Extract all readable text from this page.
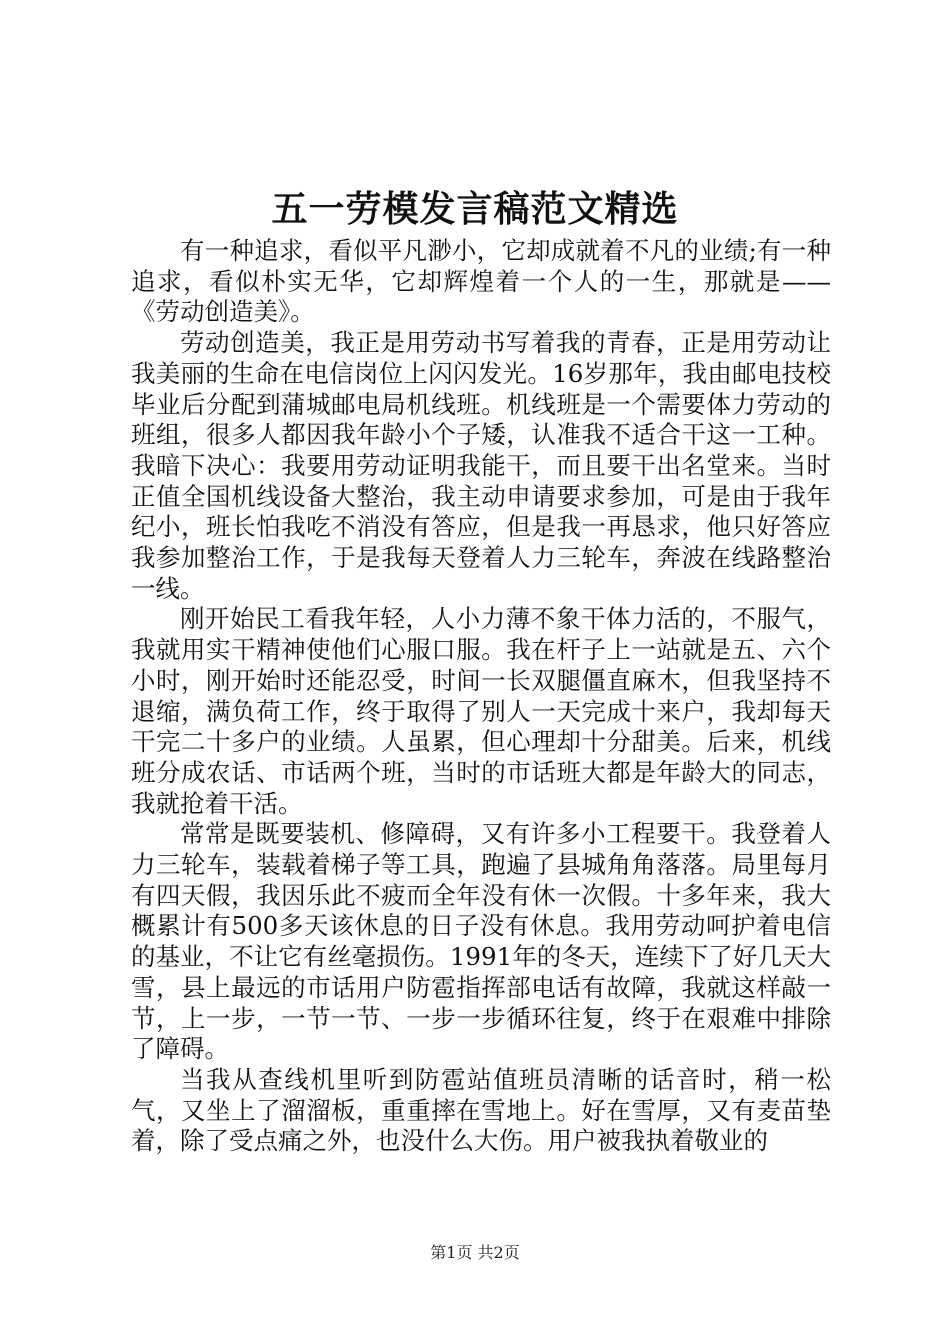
五一劳模发言稿范文精选

有一种追求，看似平凡渺小，它却成就着不凡的业绩;有一种追求，看似朴实无华，它却辉煌着一个人的一生，那就是——《劳动创造美》。

劳动创造美，我正是用劳动书写着我的青春，正是用劳动让我美丽的生命在电信岗位上闪闪发光。16岁那年，我由邮电技校毕业后分配到蒲城邮电局机线班。机线班是一个需要体力劳动的班组，很多人都因我年龄小个子矮，认准我不适合干这一工种。我暗下决心：我要用劳动证明我能干，而且要干出名堂来。当时正值全国机线设备大整治，我主动申请要求参加，可是由于我年纪小，班长怕我吃不消没有答应，但是我一再恳求，他只好答应我参加整治工作，于是我每天登着人力三轮车，奔波在线路整治一线。

刚开始民工看我年轻，人小力薄不象干体力活的，不服气，我就用实干精神使他们心服口服。我在杆子上一站就是五、六个小时，刚开始时还能忍受，时间一长双腿僵直麻木，但我坚持不退缩，满负荷工作，终于取得了别人一天完成十来户，我却每天干完二十多户的业绩。人虽累，但心理却十分甜美。后来，机线班分成农话、市话两个班，当时的市话班大都是年龄大的同志，我就抢着干活。

常常是既要装机、修障碍，又有许多小工程要干。我登着人力三轮车，装载着梯子等工具，跑遍了县城角角落落。局里每月有四天假，我因乐此不疲而全年没有休一次假。十多年来，我大概累计有500多天该休息的日子没有休息。我用劳动呵护着电信的基业，不让它有丝毫损伤。1991年的冬天，连续下了好几天大雪，县上最远的市话用户防雹指挥部电话有故障，我就这样敲一节，上一步，一节一节、一步一步循环往复，终于在艰难中排除了障碍。

当我从查线机里听到防雹站值班员清晰的话音时，稍一松气，又坐上了溜溜板，重重摔在雪地上。好在雪厚，又有麦苗垫着，除了受点痛之外，也没什么大伤。用户被我执着敬业的

第1页 共2页
